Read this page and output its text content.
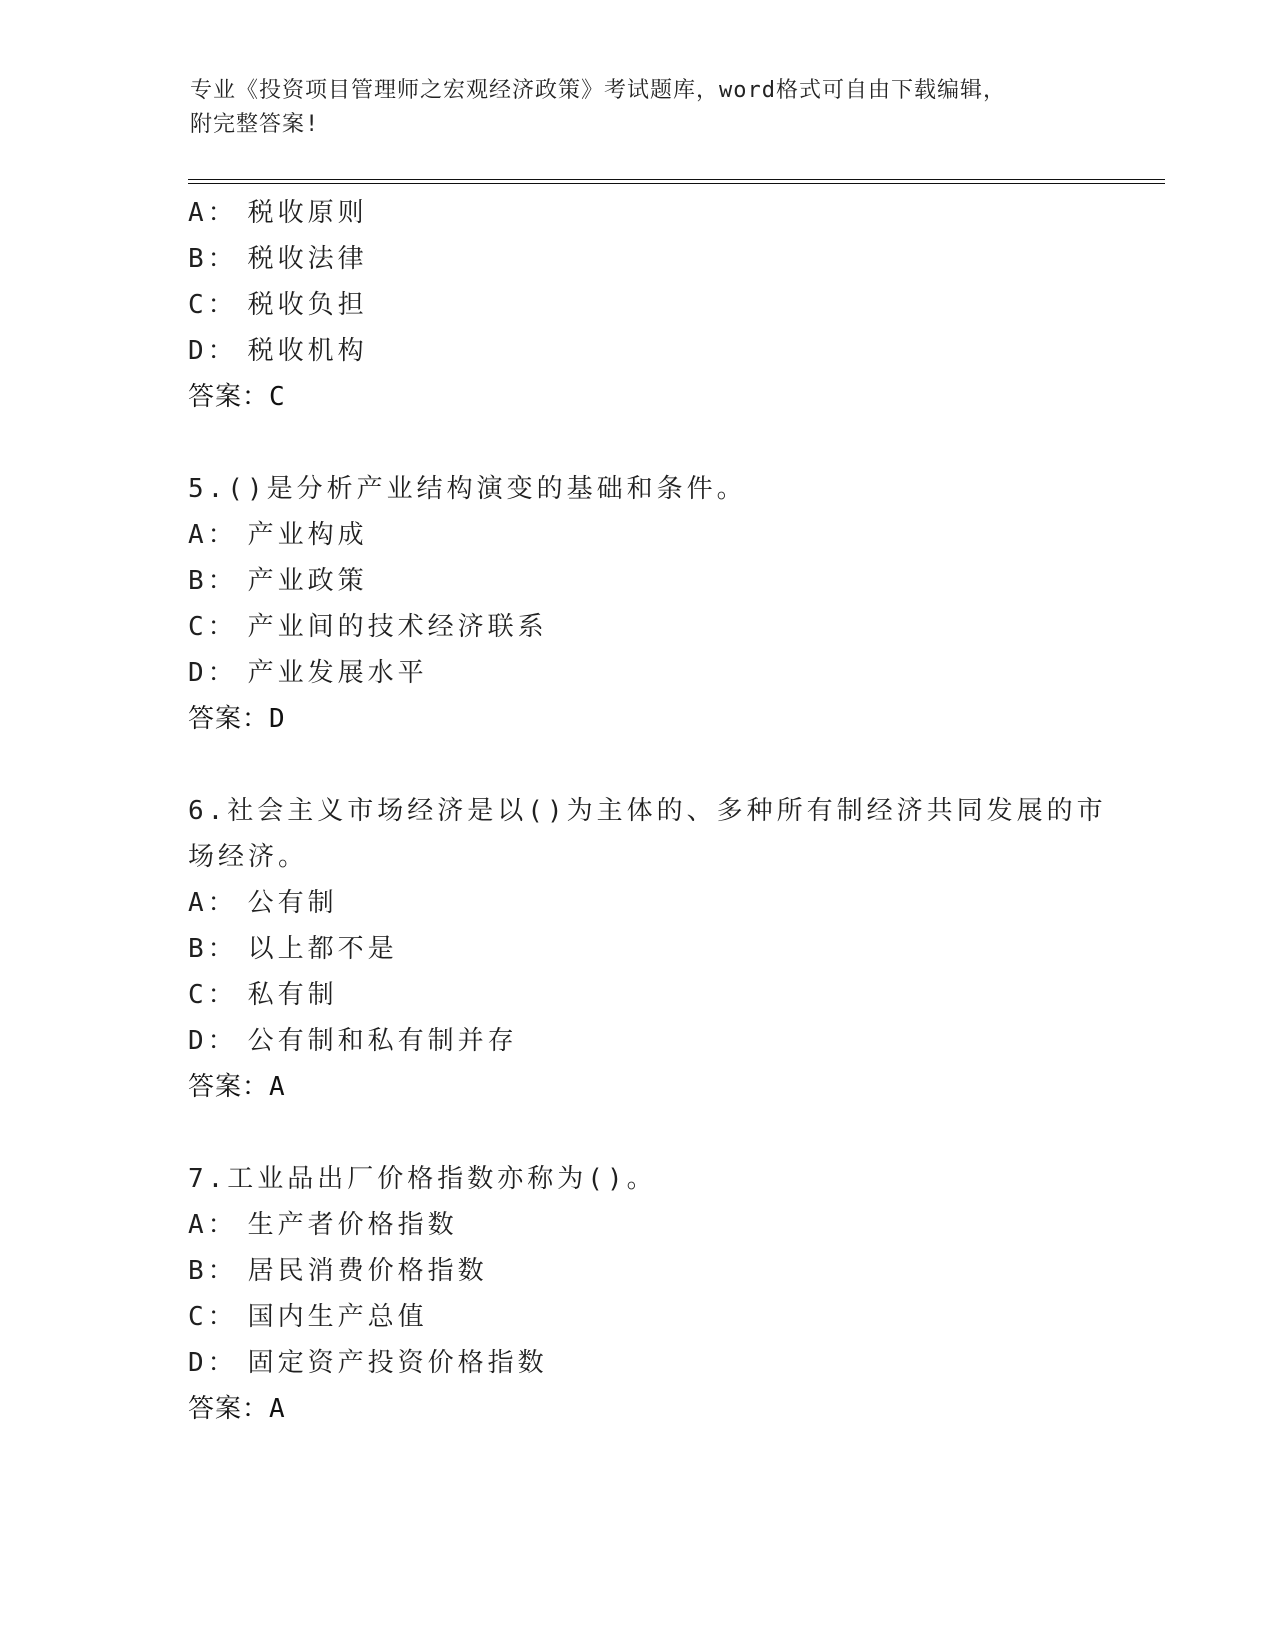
专业《投资项目管理师之宏观经济政策》考试题库，word格式可自由下载编辑，
附完整答案!
A： 税收原则
B： 税收法律
C： 税收负担
D： 税收机构
答案：C
5.()是分析产业结构演变的基础和条件。
A： 产业构成
B： 产业政策
C： 产业间的技术经济联系
D： 产业发展水平
答案：D
6.社会主义市场经济是以()为主体的、多种所有制经济共同发展的市
场经济。
A： 公有制
B： 以上都不是
C： 私有制
D： 公有制和私有制并存
答案：A
7.工业品出厂价格指数亦称为()。
A： 生产者价格指数
B： 居民消费价格指数
C： 国内生产总值
D： 固定资产投资价格指数
答案：A
